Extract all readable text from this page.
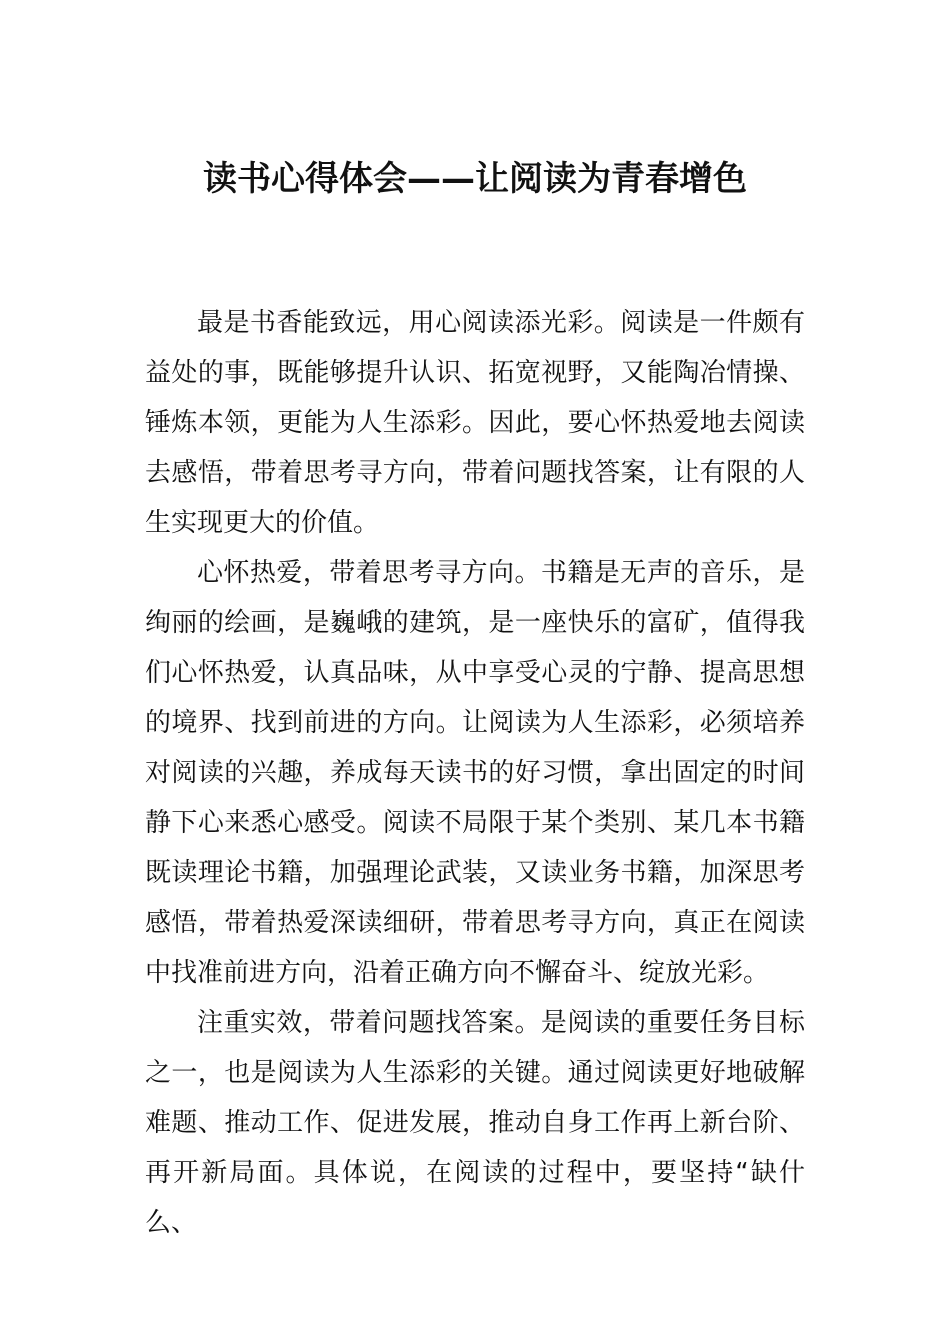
读书心得体会——让阅读为青春增色

最是书香能致远，用心阅读添光彩。阅读是一件颇有益处的事，既能够提升认识、拓宽视野，又能陶冶情操、锤炼本领，更能为人生添彩。因此，要心怀热爱地去阅读去感悟，带着思考寻方向，带着问题找答案，让有限的人生实现更大的价值。

心怀热爱，带着思考寻方向。书籍是无声的音乐，是绚丽的绘画，是巍峨的建筑，是一座快乐的富矿，值得我们心怀热爱，认真品味，从中享受心灵的宁静、提高思想的境界、找到前进的方向。让阅读为人生添彩，必须培养对阅读的兴趣，养成每天读书的好习惯，拿出固定的时间静下心来悉心感受。阅读不局限于某个类别、某几本书籍既读理论书籍，加强理论武装，又读业务书籍，加深思考感悟，带着热爱深读细研，带着思考寻方向，真正在阅读中找准前进方向，沿着正确方向不懈奋斗、绽放光彩。

注重实效，带着问题找答案。是阅读的重要任务目标之一，也是阅读为人生添彩的关键。通过阅读更好地破解难题、推动工作、促进发展，推动自身工作再上新台阶、再开新局面。具体说，在阅读的过程中，要坚持“缺什么、
